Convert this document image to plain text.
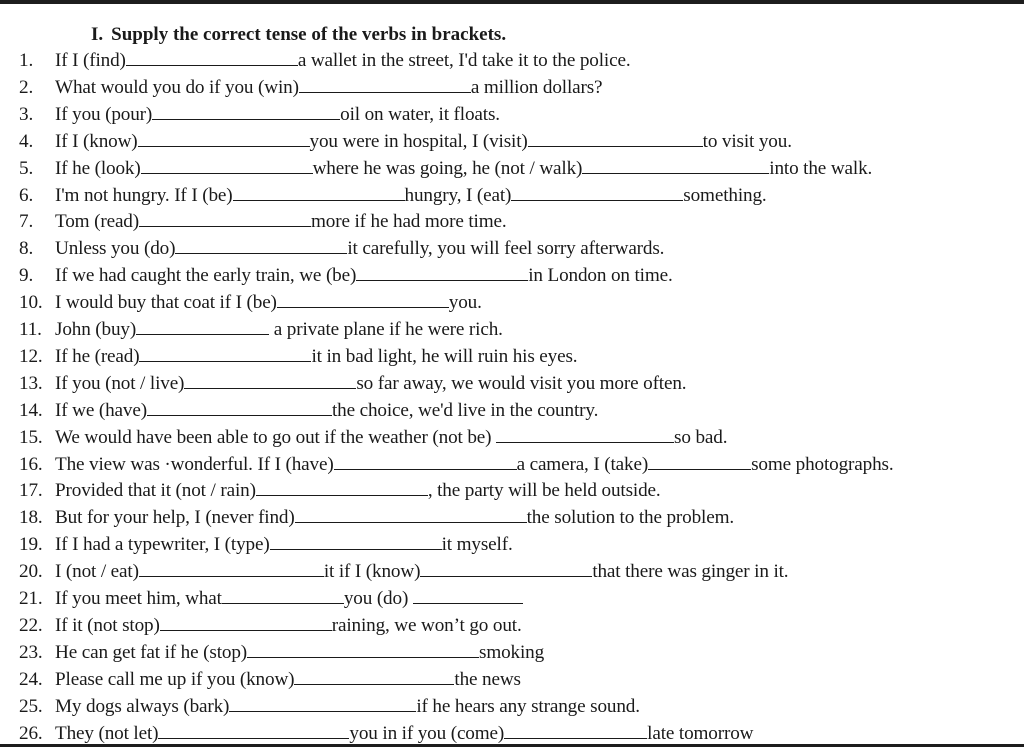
I. Supply the correct tense of the verbs in brackets.
1. If I (find)	a wallet in the street, I'd take it to the police.
2. What would you do if you (win)	a million dollars?
3. If you (pour)	oil on water, it floats.
4. If I (know)	you were in hospital, I (visit)	to visit you.
5. If he (look)	where he was going, he (not / walk)	into the walk.
6. I'm not hungry. If I (be)	hungry, I (eat)	something.
7. Tom (read)	more if he had more time.
8. Unless you (do)	it carefully, you will feel sorry afterwards.
9. If we had caught the early train, we (be)	in London on time.
10. I would buy that coat if I (be)	you.
11. John (buy)	a private plane if he were rich.
12. If he (read)	it in bad light, he will ruin his eyes.
13. If you (not / live)	so far away, we would visit you more often.
14. If we (have)	the choice, we'd live in the country.
15. We would have been able to go out if the weather (not be)	so bad.
16. The view was ·wonderful. If I (have)	a camera, I (take)	some photographs.
17. Provided that it (not / rain)	, the party will be held outside.
18. But for your help, I (never find)	the solution to the problem.
19. If I had a typewriter, I (type)	it myself.
20. I (not / eat)	it if I (know)	that there was ginger in it.
21. If you meet him, what	you (do)
22. If it (not stop)	raining, we won’t go out.
23. He can get fat if he (stop)	smoking
24. Please call me up if you (know)	the news
25. My dogs always (bark)	if he hears any strange sound.
26. They (not let)	you in if you (come)	late tomorrow
